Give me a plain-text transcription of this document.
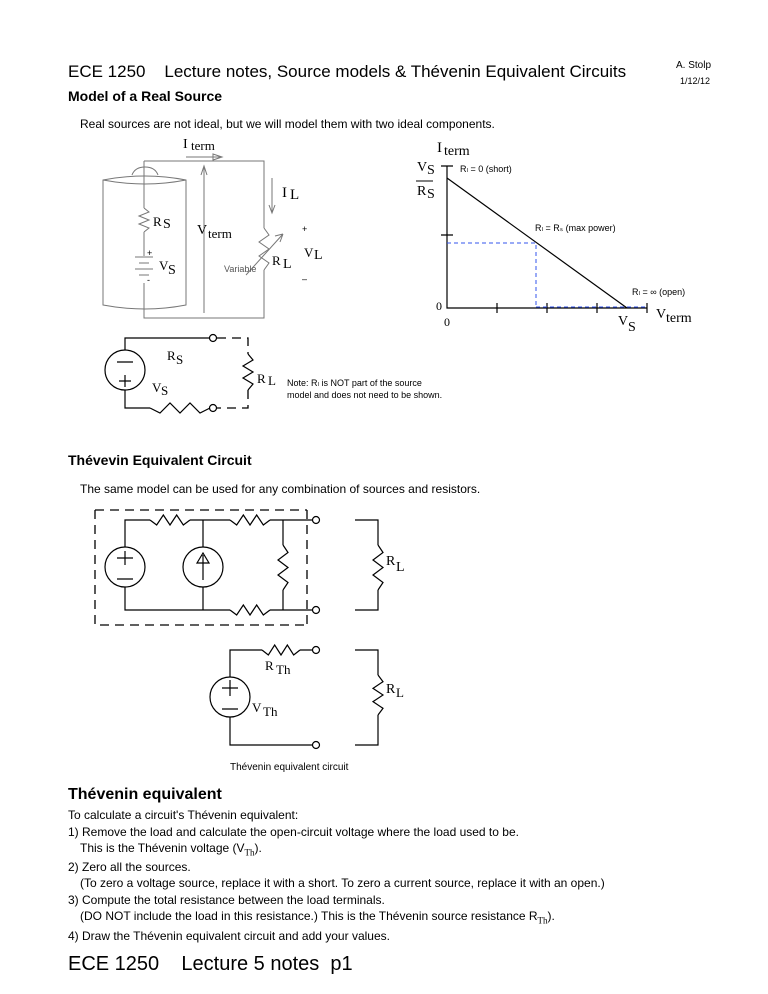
ECE 1250    Lecture notes, Source models & Thévenin Equivalent Circuits	A. Stolp
1/12/12
Model of a Real Source
Real sources are not ideal, but we will model them with two ideal components.
I term
I L
R S V term
V S
R L
V L
+
–
+
-
Variable
I term
V S
R S
0
0	V S
V term
Rₗ = 0 (short)
Rₗ = Rₛ (max power)
Rₗ = ∞ (open)
R S
V S
R L Note: Rₗ is NOT part of the source
model and does not need to be shown.
R L
R Th
V Th
R L
Thévevin Equivalent Circuit
The same model can be used for any combination of sources and resistors.
Thévenin equivalent circuit
Thévenin equivalent
To calculate a circuit's Thévenin equivalent:
1) Remove the load and calculate the open-circuit voltage where the load used to be.
This is the Thévenin voltage $(V_{Th})$.
2) Zero all the sources.
(To zero a voltage source, replace it with a short. To zero a current source, replace it with an open.)
3) Compute the total resistance between the load terminals.
(DO NOT include the load in this resistance.) This is the Thévenin source resistance $R_{Th}$).
4) Draw the Thévenin equivalent circuit and add your values.
ECE 1250    Lecture 5 notes  p1
